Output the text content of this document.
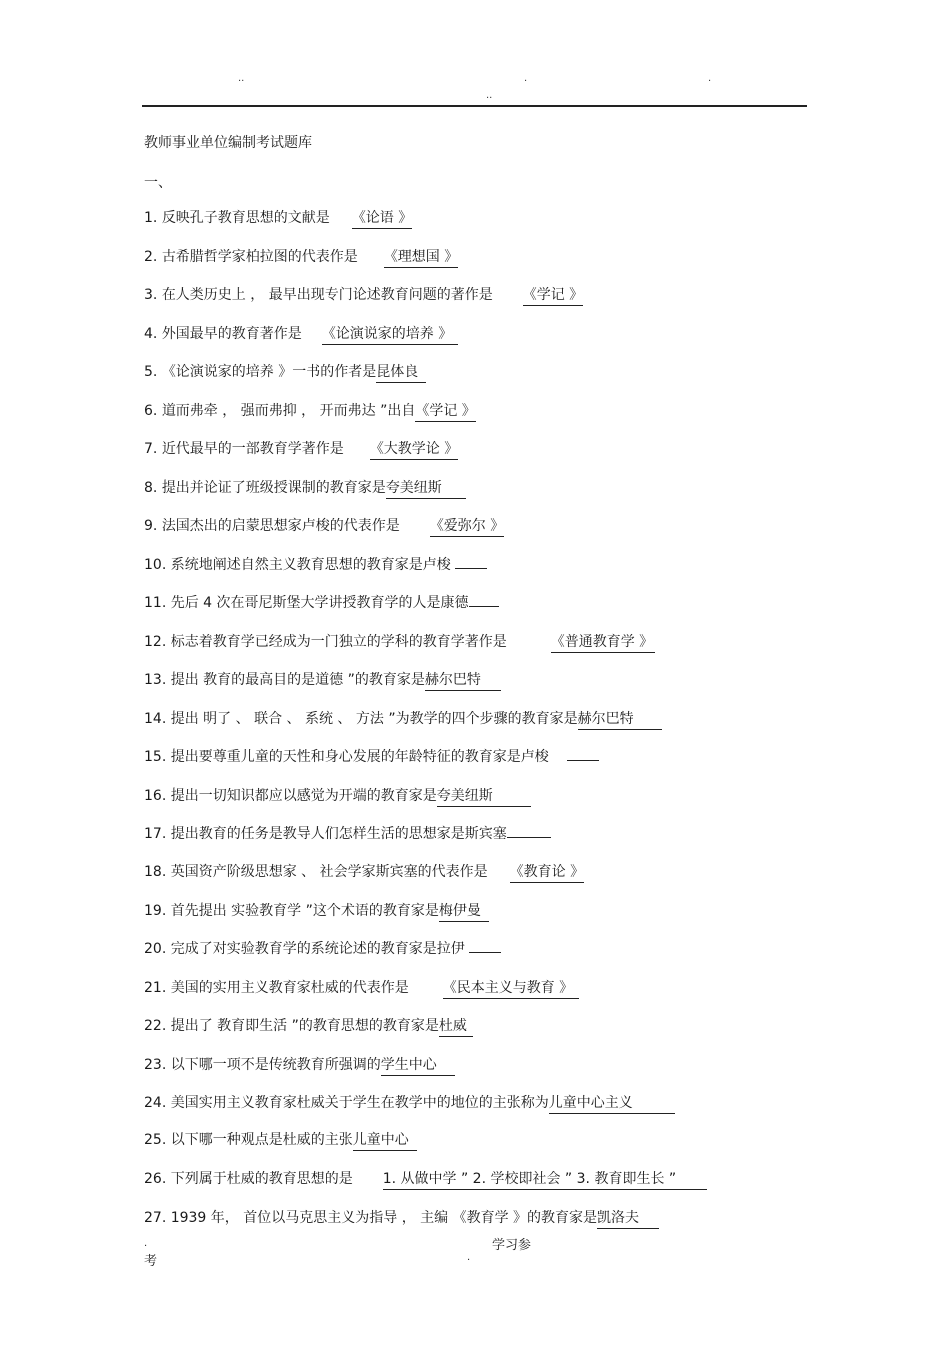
..	.	.
..
教师事业单位编制考试题库
一、
1. 反映孔子教育思想的文献是 《论语 》
2. 古希腊哲学家柏拉图的代表作是 《理想国 》
3. 在人类历史上 ， 最早出现专门论述教育问题的著作是 《学记 》
4. 外国最早的教育著作是 《论演说家的培养 》
5. 《论演说家的培养 》一书的作者是昆体良
6. 道而弗牵 ， 强而弗抑 ， 开而弗达 ”出自《学记 》
7. 近代最早的一部教育学著作是 《大教学论 》
8. 提出并论证了班级授课制的教育家是夸美纽斯
9. 法国杰出的启蒙思想家卢梭的代表作是 《爱弥尔 》
10. 系统地阐述自然主义教育思想的教育家是卢梭
11. 先后 4 次在哥尼斯堡大学讲授教育学的人是康德
12. 标志着教育学已经成为一门独立的学科的教育学著作是	《普通教育学 》
13. 提出 教育的最高目的是道德 ”的教育家是赫尔巴特
14. 提出 明了 、 联合 、 系统 、 方法 ”为教学的四个步骤的教育家是赫尔巴特
15. 提出要尊重儿童的天性和身心发展的年龄特征的教育家是卢梭
16. 提出一切知识都应以感觉为开端的教育家是夸美纽斯
17. 提出教育的任务是教导人们怎样生活的思想家是斯宾塞
18. 英国资产阶级思想家 、 社会学家斯宾塞的代表作是 《教育论 》
19. 首先提出 实验教育学 ”这个术语的教育家是梅伊曼
20. 完成了对实验教育学的系统论述的教育家是拉伊
21. 美国的实用主义教育家杜威的代表作是 《民本主义与教育 》
22. 提出了 教育即生活 ”的教育思想的教育家是杜威
23. 以下哪一项不是传统教育所强调的学生中心
24. 美国实用主义教育家杜威关于学生在教学中的地位的主张称为儿童中心主义
25. 以下哪一种观点是杜威的主张儿童中心
26. 下列属于杜威的教育思想的是 1. 从做中学 ” 2. 学校即社会 ” 3. 教育即生长 ”
27. 1939 年， 首位以马克思主义为指导 ， 主编 《教育学 》的教育家是凯洛夫
.	学习参
考	.
